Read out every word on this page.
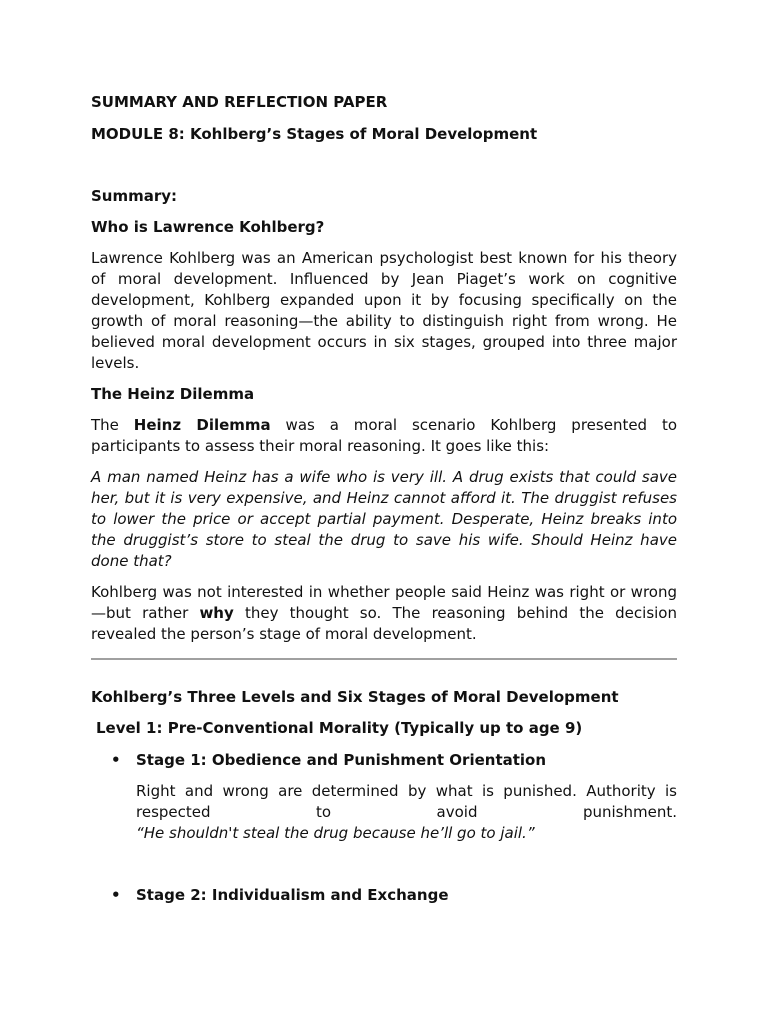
SUMMARY AND REFLECTION PAPER

MODULE 8: Kohlberg’s Stages of Moral Development

Summary:

Who is Lawrence Kohlberg?

Lawrence Kohlberg was an American psychologist best known for his theory of moral development. Influenced by Jean Piaget’s work on cognitive development, Kohlberg expanded upon it by focusing specifically on the growth of moral reasoning—the ability to distinguish right from wrong. He believed moral development occurs in six stages, grouped into three major levels.

The Heinz Dilemma

The Heinz Dilemma was a moral scenario Kohlberg presented to participants to assess their moral reasoning. It goes like this:

A man named Heinz has a wife who is very ill. A drug exists that could save her, but it is very expensive, and Heinz cannot afford it. The druggist refuses to lower the price or accept partial payment. Desperate, Heinz breaks into the druggist’s store to steal the drug to save his wife. Should Heinz have done that?

Kohlberg was not interested in whether people said Heinz was right or wrong—but rather why they thought so. The reasoning behind the decision revealed the person’s stage of moral development.

Kohlberg’s Three Levels and Six Stages of Moral Development

Level 1: Pre-Conventional Morality (Typically up to age 9)

• Stage 1: Obedience and Punishment Orientation

Right and wrong are determined by what is punished. Authority is respected to avoid punishment.

“He shouldn't steal the drug because he’ll go to jail.”

• Stage 2: Individualism and Exchange
